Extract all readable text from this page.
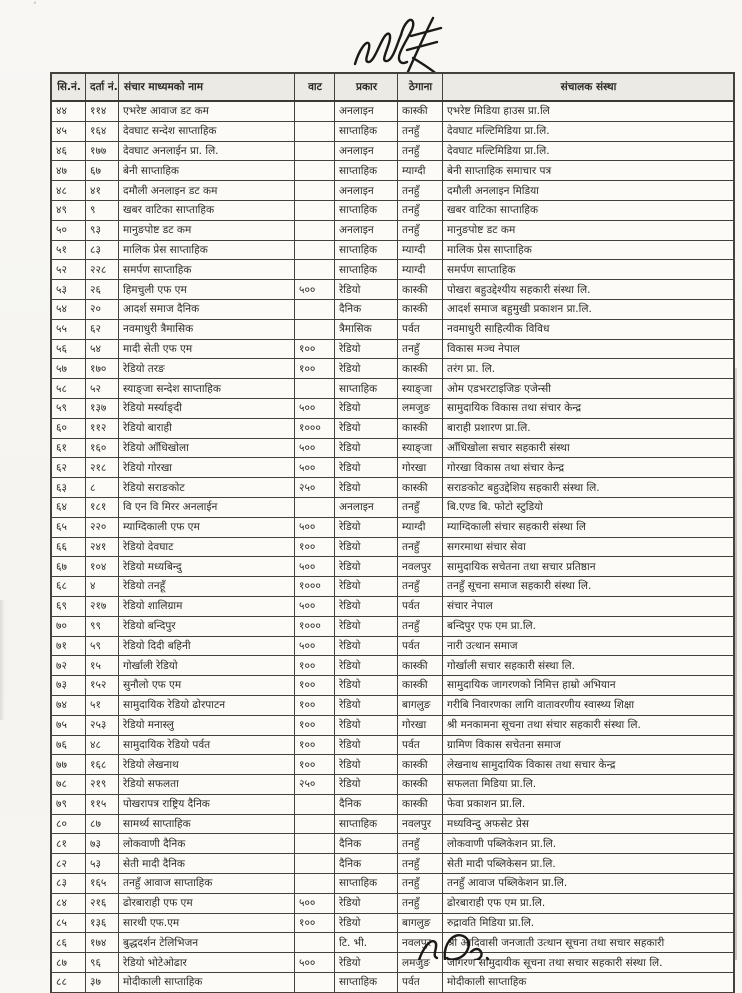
'
सि.नं.	दर्ता नं.	संचार माध्यमको नाम	वाट	प्रकार	ठेगाना	संचालक संस्था
४४	११४	एभरेष्ट आवाज डट कम		अनलाइन	कास्की	एभरेष्ट मिडिया हाउस प्रा.लि
४५	१६४	देवघाट सन्देश साप्ताहिक		साप्ताहिक	तनहुँ	देवघाट मल्टिमिडिया प्रा.लि.
४६	१७७	देवघाट अनलाईन प्रा. लि.		अनलाइन	तनहुँ	देवघाट मल्टिमिडिया प्रा.लि.
४७	६७	बेनी साप्ताहिक		साप्ताहिक	म्याग्दी	बेनी साप्ताहिक समाचार पत्र
४८	४१	दमौली अनलाइन डट कम		अनलाइन	तनहुँ	दमौली अनलाइन मिडिया
४९	९	खबर वाटिका साप्ताहिक		साप्ताहिक	तनहुँ	खबर वाटिका साप्ताहिक
५०	९३	मानुङपोष्ट डट कम		अनलाइन	तनहुँ	मानुङपोष्ट डट कम
५१	८३	मालिक प्रेस साप्ताहिक		साप्ताहिक	म्याग्दी	मालिक प्रेस साप्ताहिक
५२	२२८	समर्पण साप्ताहिक		साप्ताहिक	म्याग्दी	समर्पण साप्ताहिक
५३	२६	हिमचुली एफ एम	५००	रेडियो	कास्की	पोखरा बहुउद्देश्यीय सहकारी संस्था लि.
५४	२०	आदर्श समाज दैनिक		दैनिक	कास्की	आदर्श समाज बहुमुखी प्रकाशन प्रा.लि.
५५	६२	नवमाधुरी त्रैमासिक		त्रैमासिक	पर्वत	नवमाधुरी साहित्यीक विविध
५६	५४	मादी सेती एफ एम	१००	रेडियो	तनहुँ	विकास मञ्च नेपाल
५७	१७०	रेडियो तरङ	१००	रेडियो	कास्की	तरंग प्रा. लि.
५८	५२	स्याङ्जा सन्देश साप्ताहिक		साप्ताहिक	स्याङ्जा	ओम एडभरटाइजिङ एजेन्सी
५९	१३७	रेडियो मर्स्याङ्दी	५००	रेडियो	लमजुङ	सामुदायिक विकास तथा संचार केन्द्र
६०	११२	रेडियो बाराही	१०००	रेडियो	कास्की	बाराही प्रशारण प्रा.लि.
६१	१६०	रेडियो आँधिखोला	५००	रेडियो	स्याङ्जा	आँधिखोला सचार सहकारी संस्था
६२	२१८	रेडियो गोरखा	५००	रेडियो	गोरखा	गोरखा विकास तथा संचार केन्द्र
६३	८	रेडियो सराङकोट	२५०	रेडियो	कास्की	सराङकोट बहुउद्देशिय सहकारी संस्था लि.
६४	१८१	वि एन वि मिरर अनलाईन		अनलाइन	तनहुँ	बि.एण्ड बि. फोटो स्टुडियो
६५	२२०	म्याग्दिकाली एफ एम	५००	रेडियो	म्याग्दी	म्याग्दिकाली संचार सहकारी संस्था लि
६६	२४१	रेडियो देवघाट	१००	रेडियो	तनहुँ	सगरमाथा संचार सेवा
६७	१०४	रेडियो मध्यबिन्दु	५००	रेडियो	नवलपुर	सामुदायिक सचेतना तथा सचार प्रतिष्ठान
६८	४	रेडियो तनहूँ	१०००	रेडियो	तनहुँ	तनहुँ सूचना समाज सहकारी संस्था लि.
६९	२१७	रेडियो शालिग्राम	५००	रेडियो	पर्वत	संचार नेपाल
७०	९९	रेडियो बन्दिपुर	१०००	रेडियो	तनहुँ	बन्दिपुर एफ एम प्रा.लि.
७१	५९	रेडियो दिदी बहिनी	५००	रेडियो	पर्वत	नारी उत्थान समाज
७२	१५	गोर्खाली रेडियो	१००	रेडियो	कास्की	गोर्खाली सचार सहकारी संस्था लि.
७३	१५२	सुनौलो एफ एम	१००	रेडियो	कास्की	सामुदायिक जागरणको निमित्त हाम्रो अभियान
७४	५१	सामुदायिक रेडियो ढोरपाटन	१००	रेडियो	बागलुङ	गरीबि निवारणका लागि वातावरणीय स्वास्थ्य शिक्षा
७५	२५३	रेडियो मनास्लु	१००	रेडियो	गोरखा	श्री मनकामना सूचना तथा संचार सहकारी संस्था लि.
७६	४८	सामुदायिक रेडियो पर्वत	१००	रेडियो	पर्वत	ग्रामिण विकास सचेतना समाज
७७	१६८	रेडियो लेखनाथ	१००	रेडियो	कास्की	लेखनाथ सामुदायिक विकास तथा सचार केन्द्र
७८	२१९	रेडियो सफलता	२५०	रेडियो	कास्की	सफलता मिडिया प्रा.लि.
७९	११५	पोखरापत्र राष्ट्रिय दैनिक		दैनिक	कास्की	फेवा प्रकाशन प्रा.लि.
८०	८७	सामर्थ्य साप्ताहिक		साप्ताहिक	नवलपुर	मध्यविन्दु अफसेट प्रेस
८१	७३	लोकवाणी दैनिक		दैनिक	तनहुँ	लोकवाणी पब्लिकेशन प्रा.लि.
८२	५३	सेती मादी दैनिक		दैनिक	तनहुँ	सेती मादी पब्लिकेसन प्रा.लि.
८३	१६५	तनहुँ आवाज साप्ताहिक		साप्ताहिक	तनहुँ	तनहुँ आवाज पब्लिकेशन प्रा.लि.
८४	२१६	ढोरबाराही एफ एम	५००	रेडियो	तनहुँ	ढोरबाराही एफ एम प्रा.लि.
८५	१३६	सारथी एफ.एम	१००	रेडियो	बागलुङ	रुद्रावति मिडिया प्रा.लि.
८६	१७४	बुद्धदर्शन टेलिभिजन		टि. भी.	नवलपुर	श्री आदिवासी जनजाती उत्थान सूचना तथा सचार सहकारी
८७	९६	रेडियो भोटेओढार	५००	रेडियो	लमजुङ	जागरण सामुदायीक सूचना तथा सचार सहकारी संस्था लि.
८८	३७	मोदीकाली साप्ताहिक		साप्ताहिक	पर्वत	मोदीकाली साप्ताहिक
